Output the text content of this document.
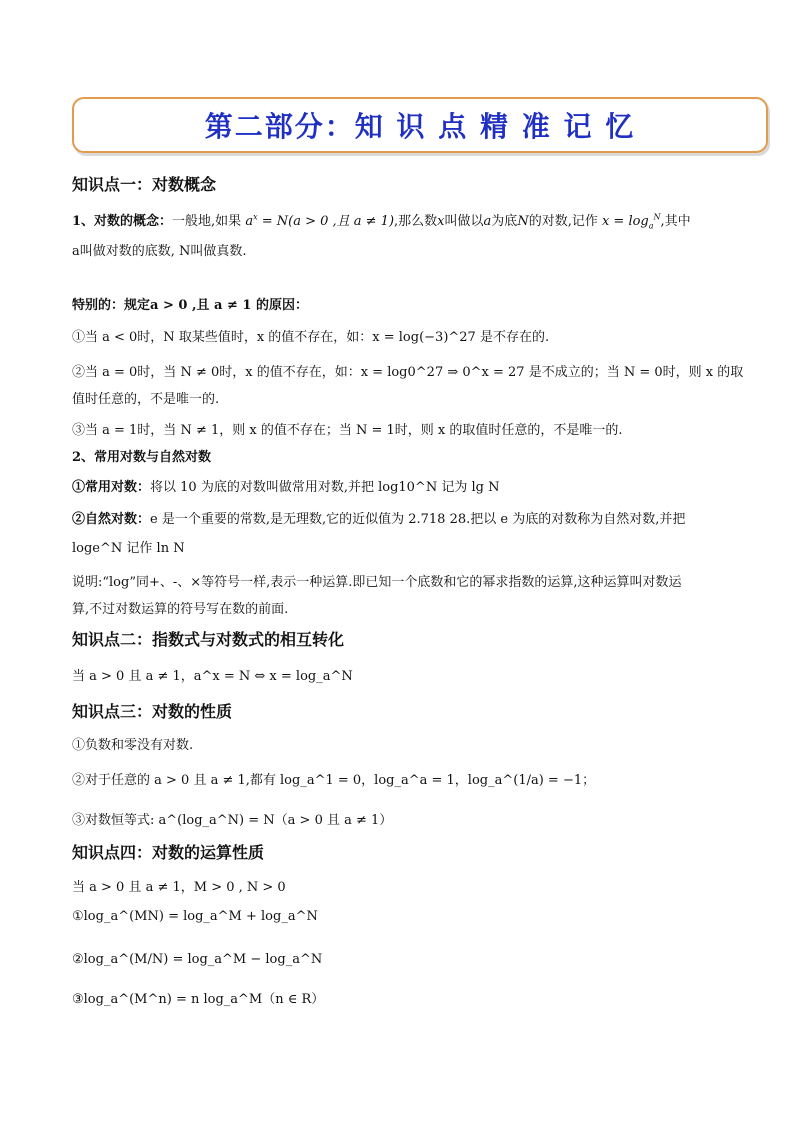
第二部分：知 识 点 精 准 记 忆
知识点一：对数概念
1、对数的概念：一般地,如果 $a^x = N(a > 0$ ,且 a ≠ 1),那么数x叫做以a为底N的对数,记作 $x = \log_a^N$,其中
a叫做对数的底数, N叫做真数.
特别的：规定a > 0 ,且 a ≠ 1 的原因：
①当 a < 0时，N 取某些值时，x 的值不存在，如：x = log(−3)^27 是不存在的.
②当 a = 0时，当 N ≠ 0时，x 的值不存在，如：x = log0^27 ⇒ 0^x = 27 是不成立的；当 N = 0时，则 x 的取
值时任意的，不是唯一的.
③当 a = 1时，当 N ≠ 1，则 x 的值不存在；当 N = 1时，则 x 的取值时任意的，不是唯一的.
2、常用对数与自然对数
①常用对数：将以 10 为底的对数叫做常用对数,并把 log10^N 记为 lg N
②自然对数：e 是一个重要的常数,是无理数,它的近似值为 2.718 28.把以 e 为底的对数称为自然对数,并把
loge^N 记作 ln N
说明:“log”同+、-、×等符号一样,表示一种运算.即已知一个底数和它的幂求指数的运算,这种运算叫对数运
算,不过对数运算的符号写在数的前面.
知识点二：指数式与对数式的相互转化
当 a > 0 且 a ≠ 1，a^x = N ⇔ x = log_a^N
知识点三：对数的性质
①负数和零没有对数.
②对于任意的 a > 0 且 a ≠ 1,都有 log_a^1 = 0，log_a^a = 1，log_a^(1/a) = −1；
③对数恒等式: a^(log_a^N) = N（a > 0 且 a ≠ 1）
知识点四：对数的运算性质
当 a > 0 且 a ≠ 1，M > 0 , N > 0
①log_a^(MN) = log_a^M + log_a^N
②log_a^(M/N) = log_a^M − log_a^N
③log_a^(M^n) = n log_a^M（n ∈ R）
